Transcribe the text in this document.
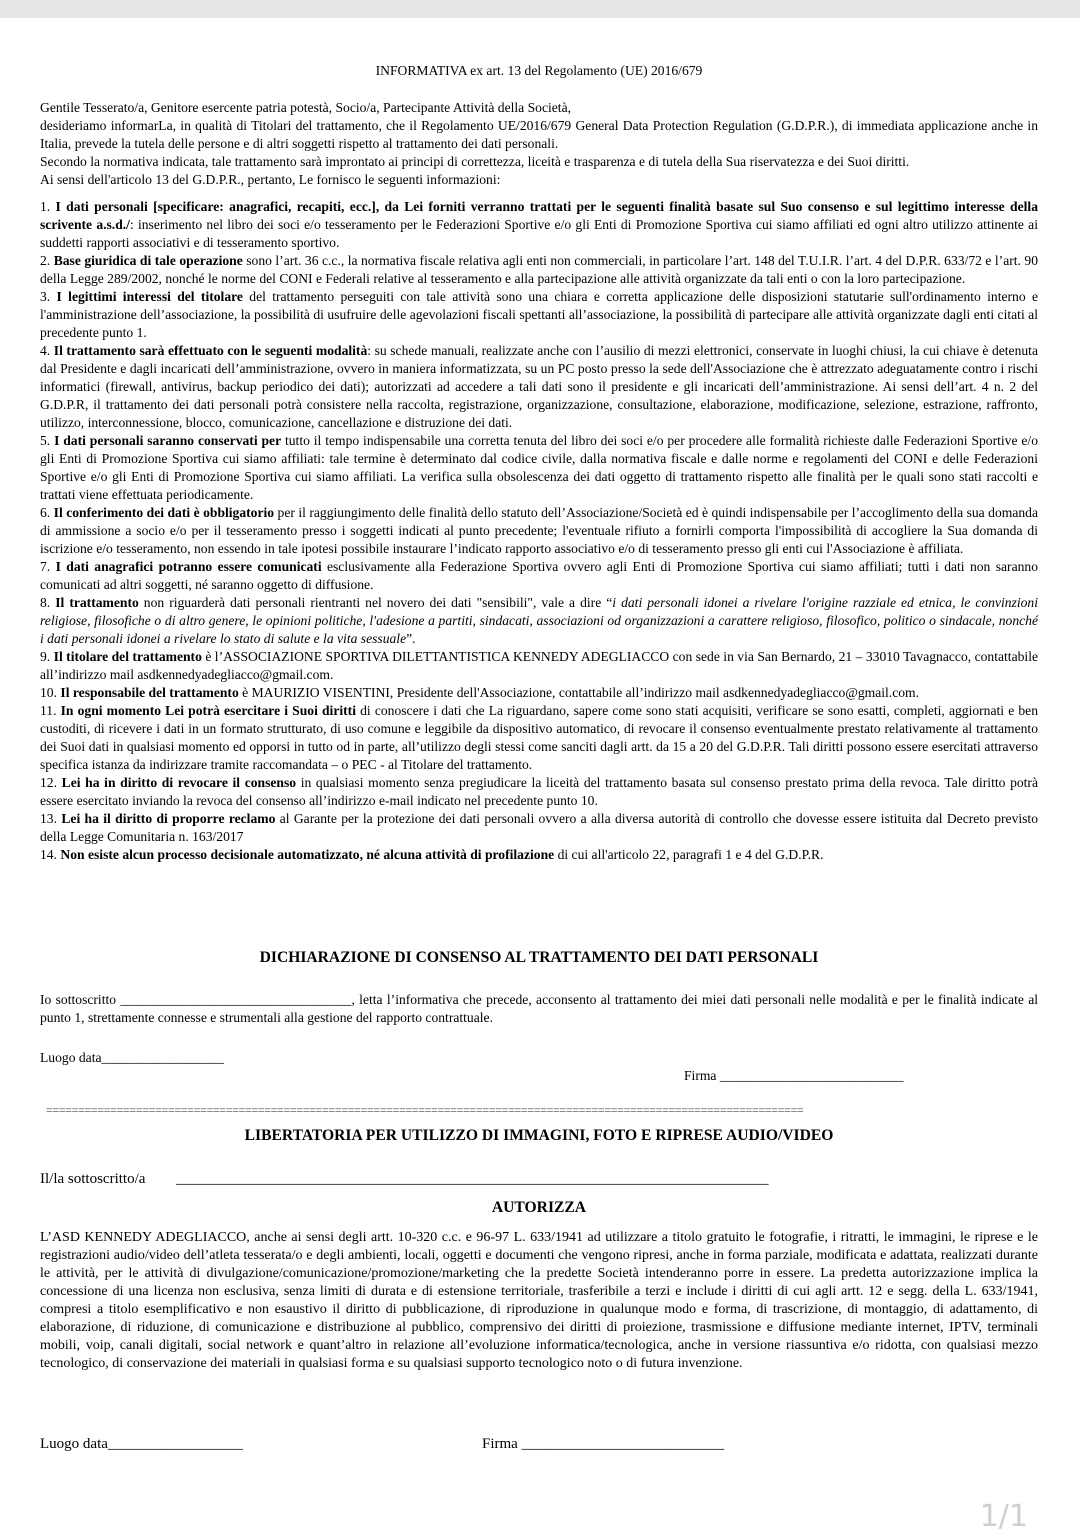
INFORMATIVA ex art. 13 del Regolamento (UE) 2016/679

Gentile Tesserato/a, Genitore esercente patria potestà, Socio/a, Partecipante Attività della Società,

desideriamo informarLa, in qualità di Titolari del trattamento, che il Regolamento UE/2016/679 General Data Protection Regulation (G.D.P.R.), di immediata applicazione anche in Italia, prevede la tutela delle persone e di altri soggetti rispetto al trattamento dei dati personali.

Secondo la normativa indicata, tale trattamento sarà improntato ai principi di correttezza, liceità e trasparenza e di tutela della Sua riservatezza e dei Suoi diritti.

Ai sensi dell'articolo 13 del G.D.P.R., pertanto, Le fornisco le seguenti informazioni:

1. I dati personali [specificare: anagrafici, recapiti, ecc.], da Lei forniti verranno trattati per le seguenti finalità basate sul Suo consenso e sul legittimo interesse della scrivente a.s.d./: inserimento nel libro dei soci e/o tesseramento per le Federazioni Sportive e/o gli Enti di Promozione Sportiva cui siamo affiliati ed ogni altro utilizzo attinente ai suddetti rapporti associativi e di tesseramento sportivo.

2. Base giuridica di tale operazione sono l’art. 36 c.c., la normativa fiscale relativa agli enti non commerciali, in particolare l’art. 148 del T.U.I.R. l’art. 4 del D.P.R. 633/72 e l’art. 90 della Legge 289/2002, nonché le norme del CONI e Federali relative al tesseramento e alla partecipazione alle attività organizzate da tali enti o con la loro partecipazione.

3. I legittimi interessi del titolare del trattamento perseguiti con tale attività sono una chiara e corretta applicazione delle disposizioni statutarie sull'ordinamento interno e l'amministrazione dell’associazione, la possibilità di usufruire delle agevolazioni fiscali spettanti all’associazione, la possibilità di partecipare alle attività organizzate dagli enti citati al precedente punto 1.

4. Il trattamento sarà effettuato con le seguenti modalità: su schede manuali, realizzate anche con l’ausilio di mezzi elettronici, conservate in luoghi chiusi, la cui chiave è detenuta dal Presidente e dagli incaricati dell’amministrazione, ovvero in maniera informatizzata, su un PC posto presso la sede dell'Associazione che è attrezzato adeguatamente contro i rischi informatici (firewall, antivirus, backup periodico dei dati); autorizzati ad accedere a tali dati sono il presidente e gli incaricati dell’amministrazione. Ai sensi dell’art. 4 n. 2 del G.D.P.R, il trattamento dei dati personali potrà consistere nella raccolta, registrazione, organizzazione, consultazione, elaborazione, modificazione, selezione, estrazione, raffronto, utilizzo, interconnessione, blocco, comunicazione, cancellazione e distruzione dei dati.

5. I dati personali saranno conservati per tutto il tempo indispensabile una corretta tenuta del libro dei soci e/o per procedere alle formalità richieste dalle Federazioni Sportive e/o gli Enti di Promozione Sportiva cui siamo affiliati: tale termine è determinato dal codice civile, dalla normativa fiscale e dalle norme e regolamenti del CONI e delle Federazioni Sportive e/o gli Enti di Promozione Sportiva cui siamo affiliati. La verifica sulla obsolescenza dei dati oggetto di trattamento rispetto alle finalità per le quali sono stati raccolti e trattati viene effettuata periodicamente.

6. Il conferimento dei dati è obbligatorio per il raggiungimento delle finalità dello statuto dell’Associazione/Società ed è quindi indispensabile per l’accoglimento della sua domanda di ammissione a socio e/o per il tesseramento presso i soggetti indicati al punto precedente; l'eventuale rifiuto a fornirli comporta l'impossibilità di accogliere la Sua domanda di iscrizione e/o tesseramento, non essendo in tale ipotesi possibile instaurare l’indicato rapporto associativo e/o di tesseramento presso gli enti cui l'Associazione è affiliata.

7. I dati anagrafici potranno essere comunicati esclusivamente alla Federazione Sportiva ovvero agli Enti di Promozione Sportiva cui siamo affiliati; tutti i dati non saranno comunicati ad altri soggetti, né saranno oggetto di diffusione.

8. Il trattamento non riguarderà dati personali rientranti nel novero dei dati "sensibili", vale a dire “i dati personali idonei a rivelare l'origine razziale ed etnica, le convinzioni religiose, filosofiche o di altro genere, le opinioni politiche, l'adesione a partiti, sindacati, associazioni od organizzazioni a carattere religioso, filosofico, politico o sindacale, nonché i dati personali idonei a rivelare lo stato di salute e la vita sessuale”.

9. Il titolare del trattamento è l’ASSOCIAZIONE SPORTIVA DILETTANTISTICA KENNEDY ADEGLIACCO con sede in via San Bernardo, 21 – 33010 Tavagnacco, contattabile all’indirizzo mail asdkennedyadegliacco@gmail.com.

10. Il responsabile del trattamento è MAURIZIO VISENTINI, Presidente dell'Associazione, contattabile all’indirizzo mail asdkennedyadegliacco@gmail.com.

11. In ogni momento Lei potrà esercitare i Suoi diritti di conoscere i dati che La riguardano, sapere come sono stati acquisiti, verificare se sono esatti, completi, aggiornati e ben custoditi, di ricevere i dati in un formato strutturato, di uso comune e leggibile da dispositivo automatico, di revocare il consenso eventualmente prestato relativamente al trattamento dei Suoi dati in qualsiasi momento ed opporsi in tutto od in parte, all’utilizzo degli stessi come sanciti dagli artt. da 15 a 20 del G.D.P.R. Tali diritti possono essere esercitati attraverso specifica istanza da indirizzare tramite raccomandata – o PEC - al Titolare del trattamento.

12. Lei ha in diritto di revocare il consenso in qualsiasi momento senza pregiudicare la liceità del trattamento basata sul consenso prestato prima della revoca. Tale diritto potrà essere esercitato inviando la revoca del consenso all’indirizzo e-mail indicato nel precedente punto 10.

13. Lei ha il diritto di proporre reclamo al Garante per la protezione dei dati personali ovvero a alla diversa autorità di controllo che dovesse essere istituita dal Decreto previsto della Legge Comunitaria n. 163/2017

14. Non esiste alcun processo decisionale automatizzato, né alcuna attività di profilazione di cui all'articolo 22, paragrafi 1 e 4 del G.D.P.R.

DICHIARAZIONE DI CONSENSO AL TRATTAMENTO DEI DATI PERSONALI

Io sottoscritto __________________________________, letta l’informativa che precede, acconsento al trattamento dei miei dati personali nelle modalità e per le finalità indicate al punto 1, strettamente connesse e strumentali alla gestione del rapporto contrattuale.

Luogo data__________________

Firma ___________________________

======================================================================================================================

LIBERTATORIA PER UTILIZZO DI IMMAGINI, FOTO E RIPRESE AUDIO/VIDEO

Il/la sottoscritto/a _______________________________________________________________________________

AUTORIZZA

L’ASD KENNEDY ADEGLIACCO, anche ai sensi degli artt. 10-320 c.c. e 96-97 L. 633/1941 ad utilizzare a titolo gratuito le fotografie, i ritratti, le immagini, le riprese e le registrazioni audio/video dell’atleta tesserata/o e degli ambienti, locali, oggetti e documenti che vengono ripresi, anche in forma parziale, modificata e adattata, realizzati durante le attività, per le attività di divulgazione/comunicazione/promozione/marketing che la predette Società intenderanno porre in essere. La predetta autorizzazione implica la concessione di una licenza non esclusiva, senza limiti di durata e di estensione territoriale, trasferibile a terzi e include i diritti di cui agli artt. 12 e segg. della L. 633/1941, compresi a titolo esemplificativo e non esaustivo il diritto di pubblicazione, di riproduzione in qualunque modo e forma, di trascrizione, di montaggio, di adattamento, di elaborazione, di riduzione, di comunicazione e distribuzione al pubblico, comprensivo dei diritti di proiezione, trasmissione e diffusione mediante internet, IPTV, terminali mobili, voip, canali digitali, social network e quant’altro in relazione all’evoluzione informatica/tecnologica, anche in versione riassuntiva e/o ridotta, con qualsiasi mezzo tecnologico, di conservazione dei materiali in qualsiasi forma e su qualsiasi supporto tecnologico noto o di futura invenzione.

Luogo data__________________	Firma ___________________________

1/1
